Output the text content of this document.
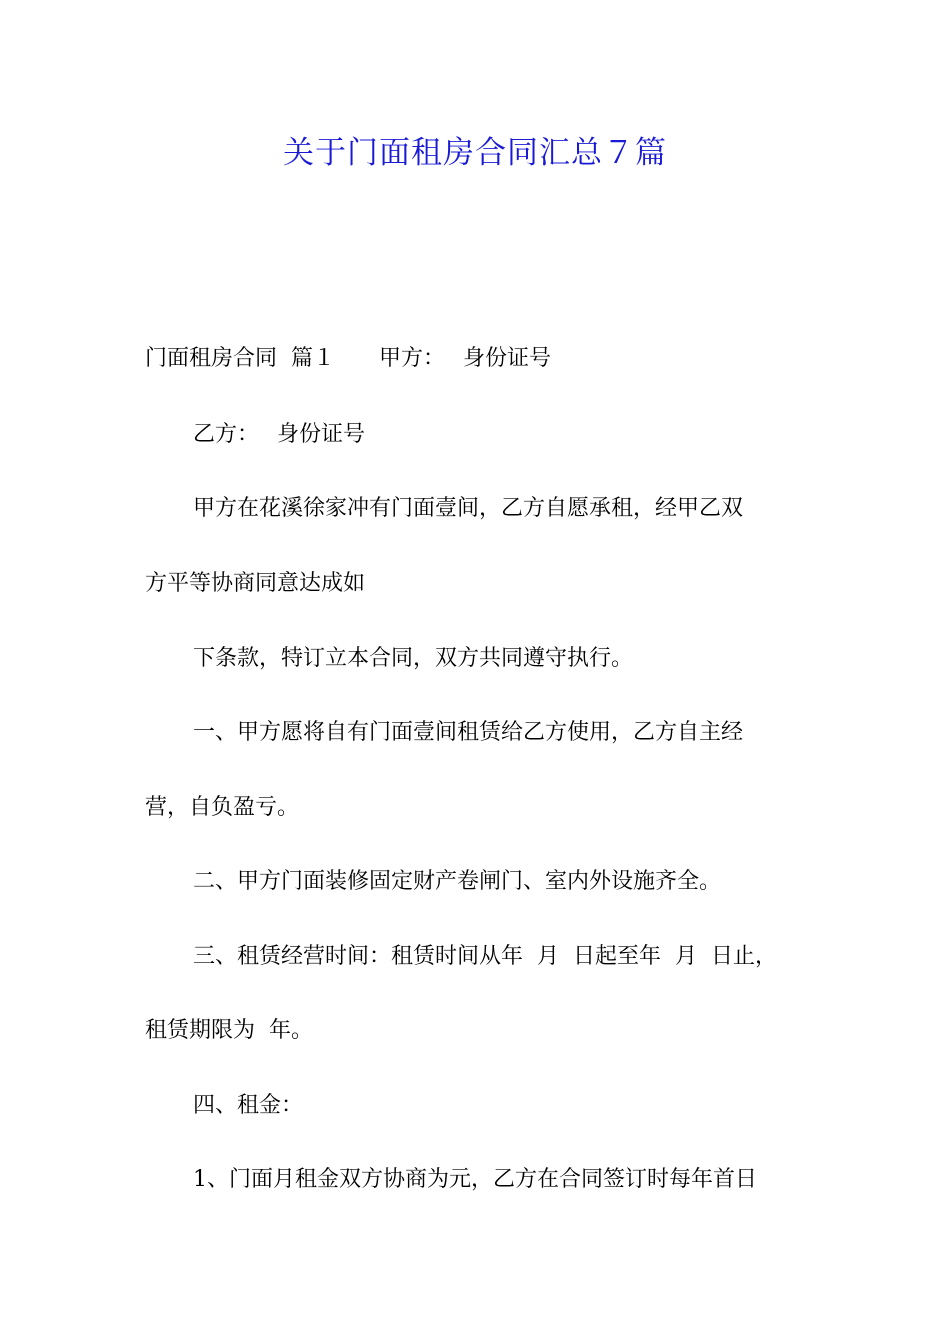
关于门面租房合同汇总７篇
门面租房合同  篇１ 甲方： 身份证号
乙方： 身份证号
甲方在花溪徐家冲有门面壹间，乙方自愿承租，经甲乙双
方平等协商同意达成如
下条款，特订立本合同，双方共同遵守执行。
一、甲方愿将自有门面壹间租赁给乙方使用，乙方自主经
营，自负盈亏。
二、甲方门面装修固定财产卷闸门、室内外设施齐全。
三、租赁经营时间：租赁时间从年  月  日起至年  月  日止，
租赁期限为  年。
四、租金：
1、门面月租金双方协商为元，乙方在合同签订时每年首日
